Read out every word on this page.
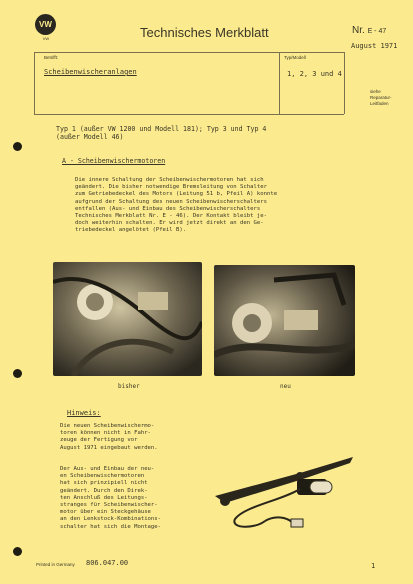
VW
VW	Technisches Merkblatt	Nr. E - 47
August 1971
Betrifft:
Scheibenwischeranlagen
Typ/Modell
1, 2, 3 und 4
siehe
Reparatur-
Leitfaden
Typ 1 (außer VW 1200 und Modell 181); Typ 3 und Typ 4
(außer Modell 46)
A - Scheibenwischermotoren
Die innere Schaltung der Scheibenwischermotoren hat sich
geändert. Die bisher notwendige Bremsleitung von Schalter
zum Getriebedeckel des Motors (Leitung 51 b, Pfeil A) konnte
aufgrund der Schaltung des neuen Scheibenwischerschalters
entfallen (Aus- und Einbau des Scheibenwischerschalters
Technisches Merkblatt Nr. E - 46). Der Kontakt bleibt je-
doch weiterhin schalten. Er wird jetzt direkt an den Ge-
triebedeckel angelötet (Pfeil B).
bisher	neu
Hinweis:
Die neuen Scheibenwischermo-
toren können nicht in Fahr-
zeuge der Fertigung vor
August 1971 eingebaut werden.
Der Aus- und Einbau der neu-
en Scheibenwischermotoren
hat sich prinzipiell nicht
geändert. Durch den Direk-
ten Anschluß des Leitungs-
stranges für Scheibenwischer-
motor über ein Steckgehäuse
an den Lenkstock-Kombinations-
schalter hat sich die Montage-
Printed in Germany 806.047.00	1
